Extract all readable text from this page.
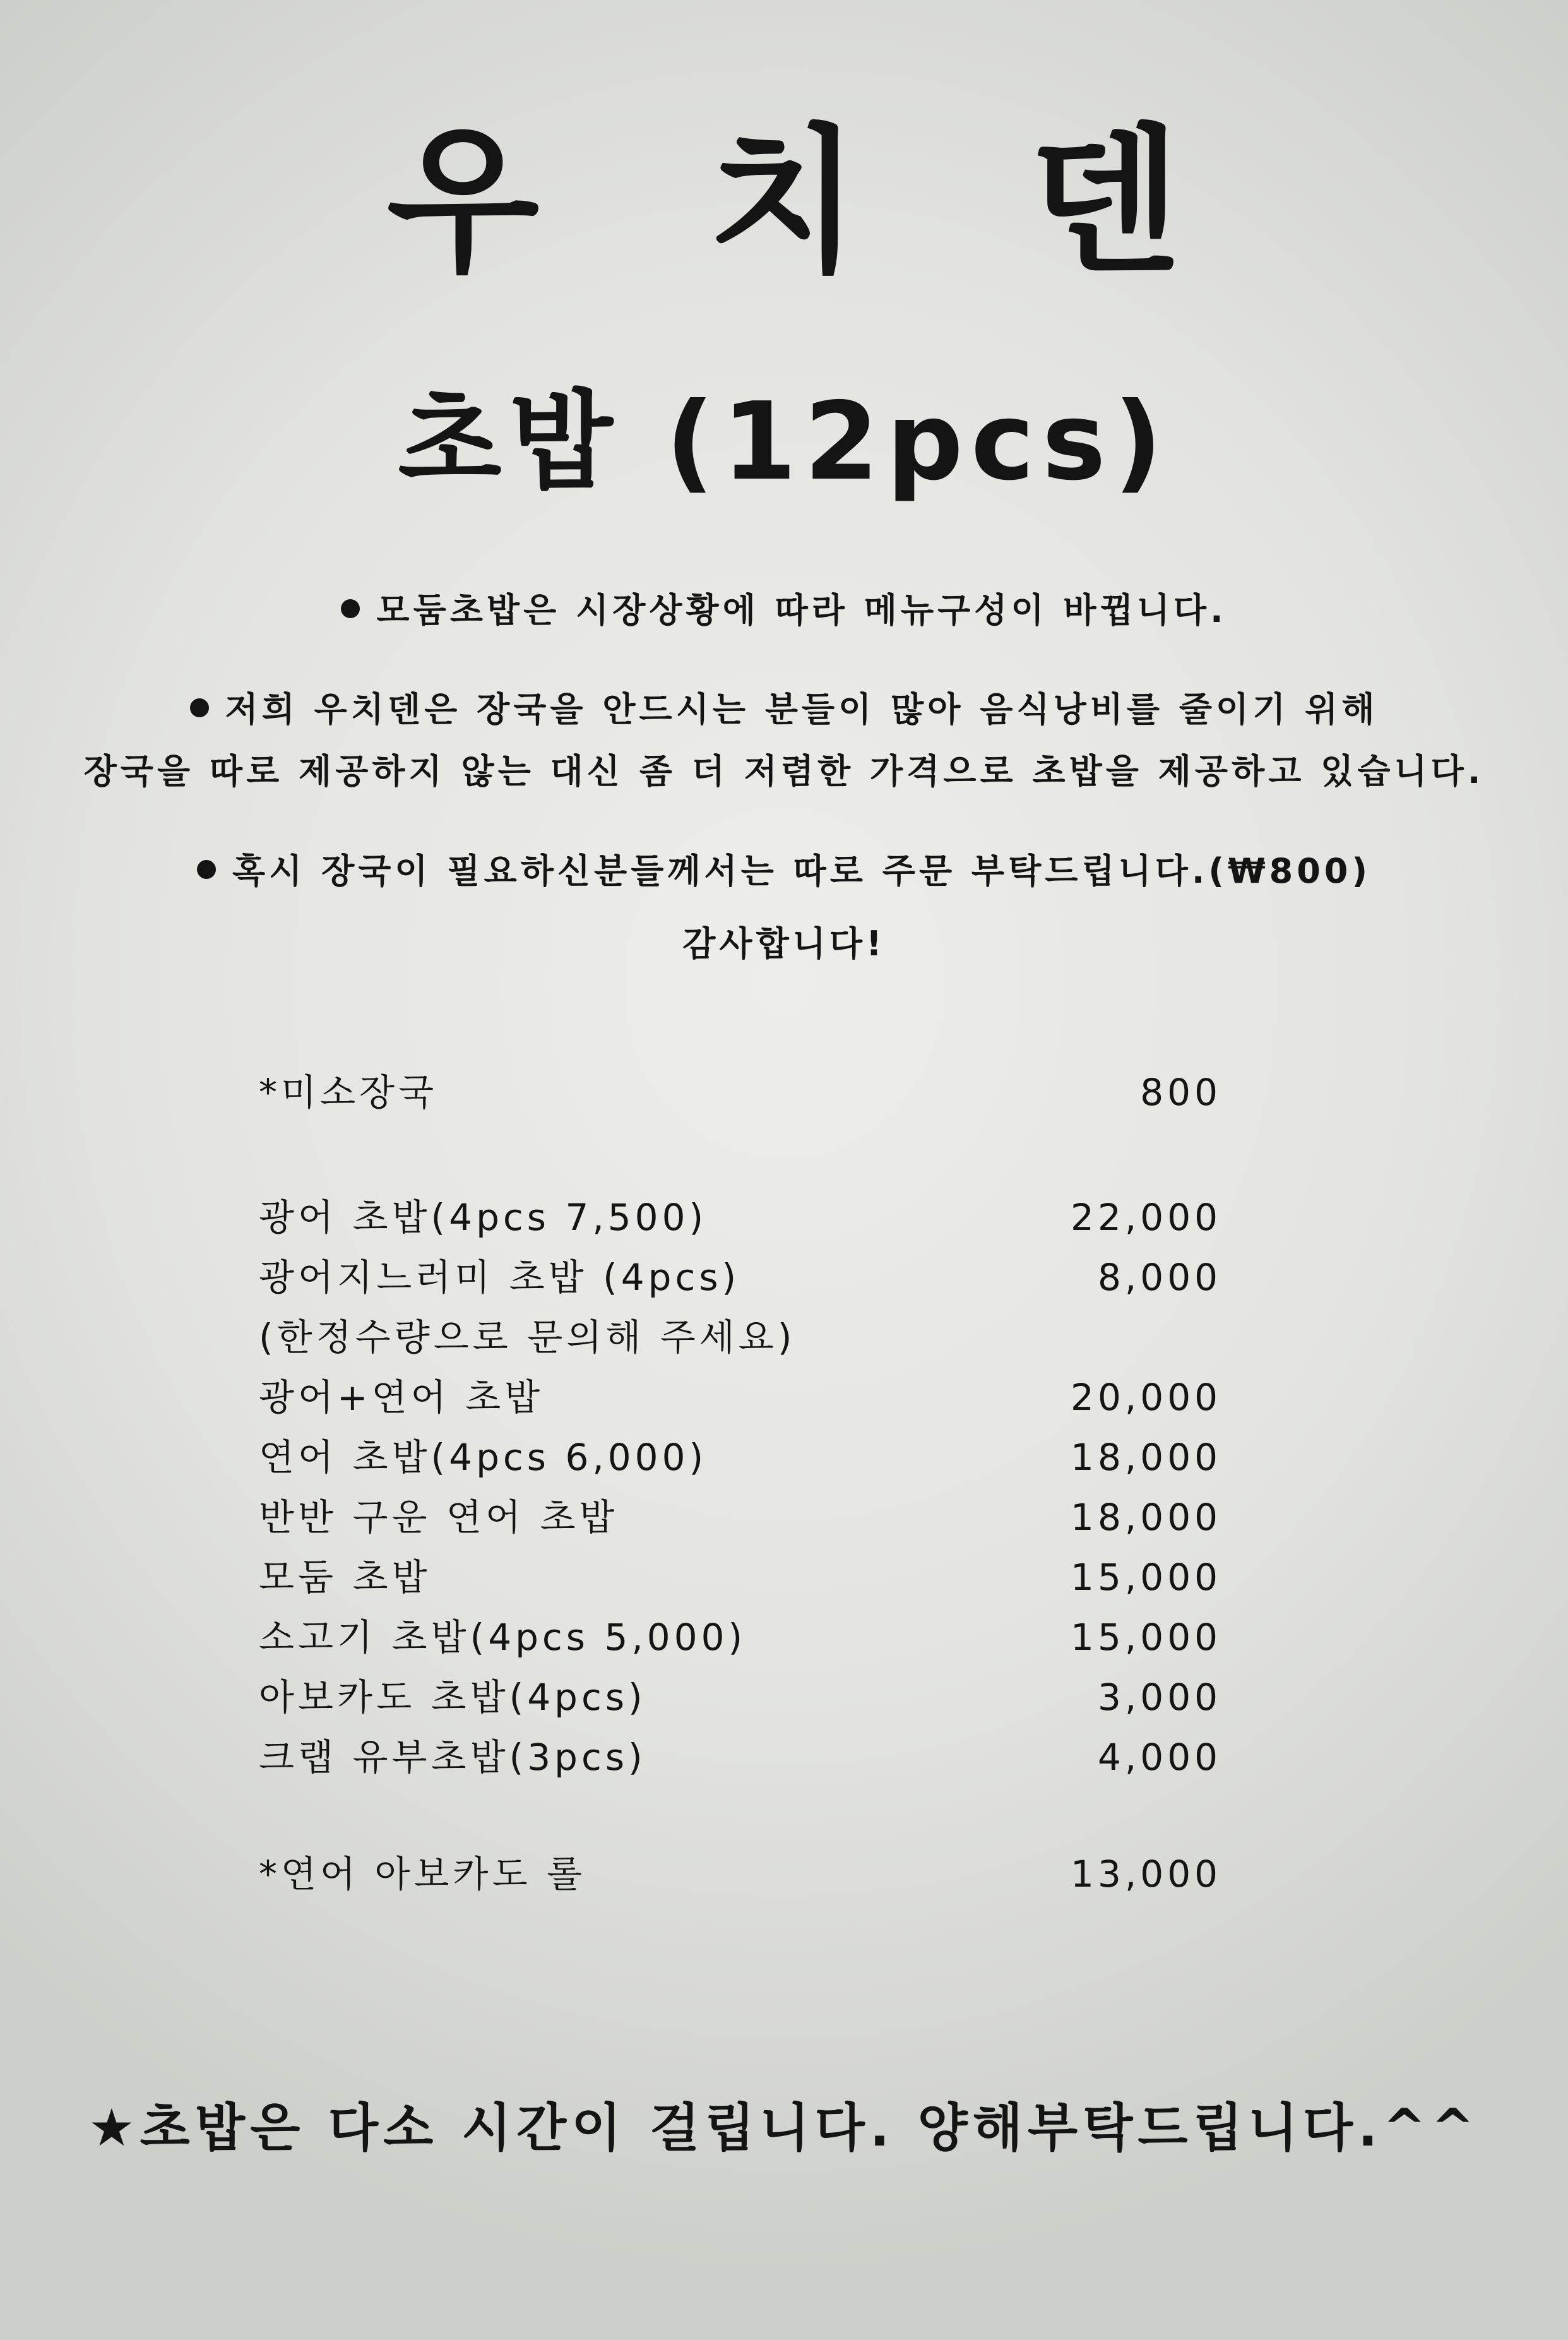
우 치 덴
초밥 (12pcs)
모둠초밥은 시장상황에 따라 메뉴구성이 바뀝니다.
저희 우치덴은 장국을 안드시는 분들이 많아 음식낭비를 줄이기 위해
장국을 따로 제공하지 않는 대신 좀 더 저렴한 가격으로 초밥을 제공하고 있습니다.
혹시 장국이 필요하신분들께서는 따로 주문 부탁드립니다.(₩800)
감사합니다!
*미소장국	800
광어 초밥(4pcs 7,500)	22,000
광어지느러미 초밥 (4pcs)	8,000
(한정수량으로 문의해 주세요)
광어+연어 초밥	20,000
연어 초밥(4pcs 6,000)	18,000
반반 구운 연어 초밥	18,000
모둠 초밥	15,000
소고기 초밥(4pcs 5,000)	15,000
아보카도 초밥(4pcs)	3,000
크랩 유부초밥(3pcs)	4,000
*연어 아보카도 롤	13,000
★초밥은 다소 시간이 걸립니다. 양해부탁드립니다.^^
